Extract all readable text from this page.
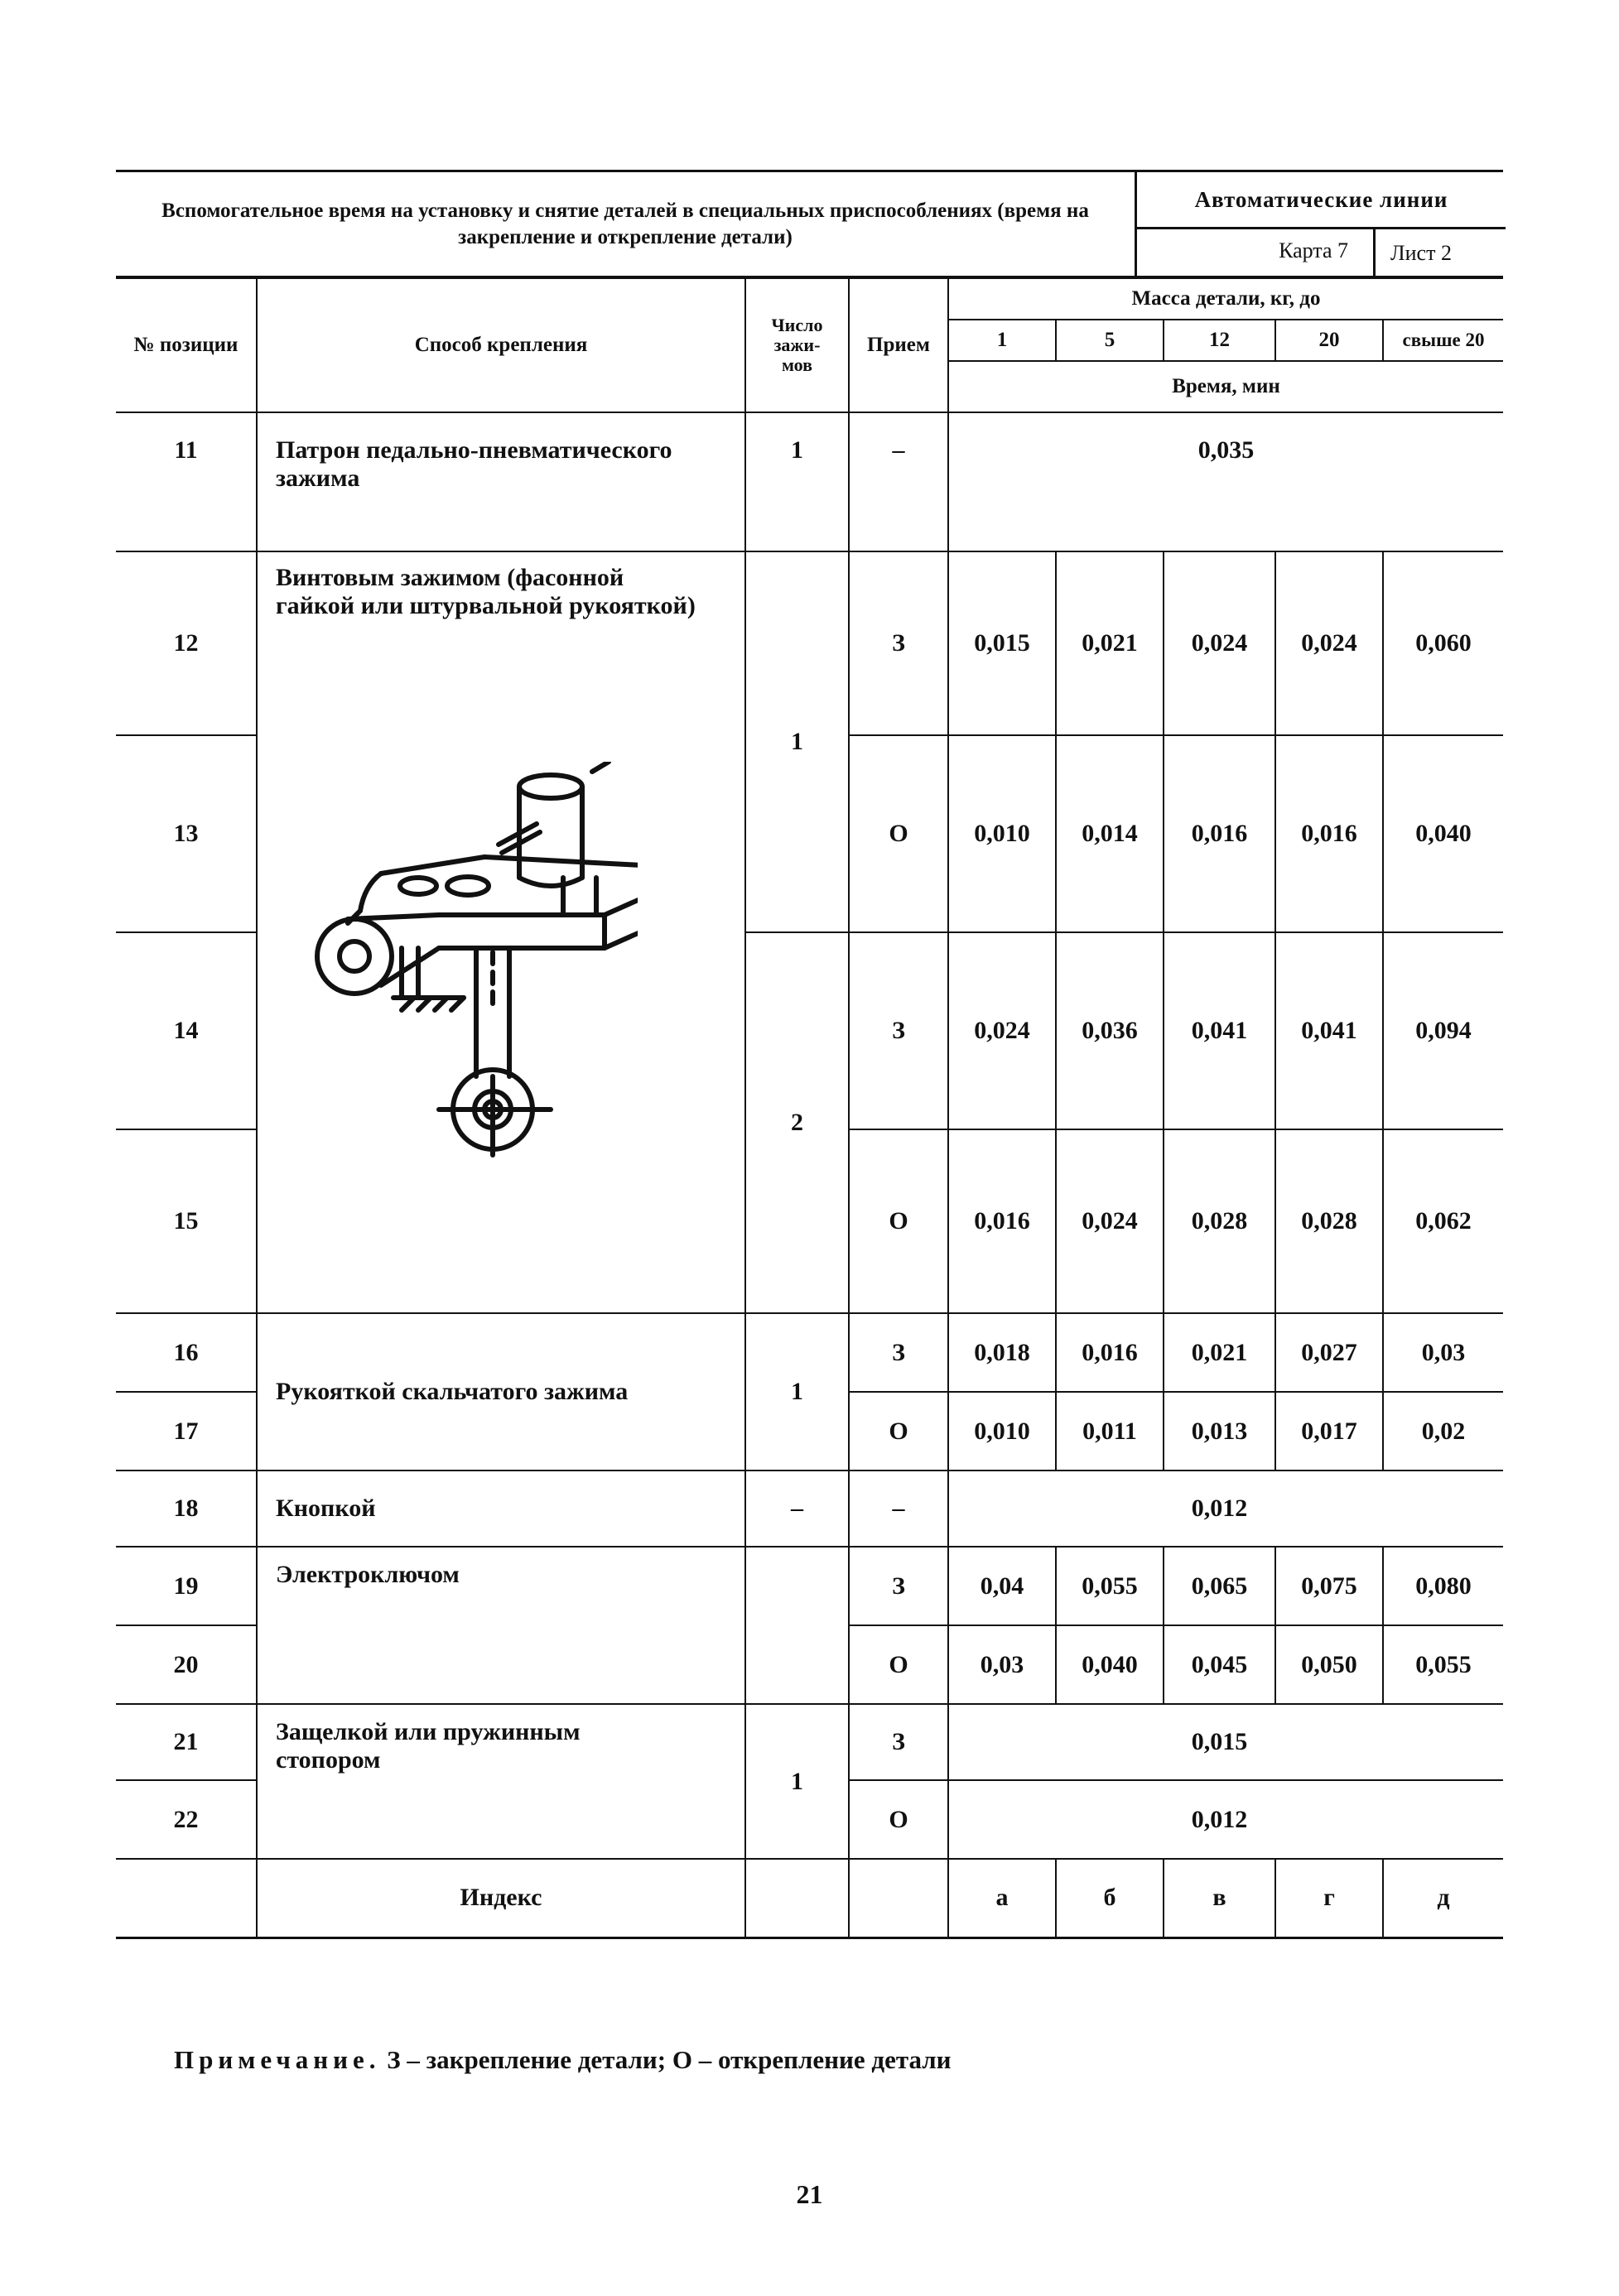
Вспомогательное время на установку и снятие деталей в специальных приспособлениях (время на закрепление и открепление детали)
Автоматические линии
Карта 7	Лист 2
№ позиции	Способ крепления	Число зажи-мов	Прием	Масса детали, кг, до				
				1	5	12	20	свыше 20
				Время, мин				
11	Патрон педально-пневматического зажима	1	–	0,035				
12	Винтовым зажимом (фасонной гайкой или штурвальной рукояткой)	1	З	0,015	0,021	0,024	0,024	0,060
13			О	0,010	0,014	0,016	0,016	0,040
14		2	З	0,024	0,036	0,041	0,041	0,094
15			О	0,016	0,024	0,028	0,028	0,062
16	Рукояткой скальчатого зажима	1	З	0,018	0,016	0,021	0,027	0,03
17			О	0,010	0,011	0,013	0,017	0,02
18	Кнопкой	–	–			0,012		
19	Электроключом		З	0,04	0,055	0,065	0,075	0,080
20			О	0,03	0,040	0,045	0,050	0,055
21	Защелкой или пружинным стопором	1	З			0,015		
22			О			0,012		
	Индекс			а	б	в	г	д
Примечание. З – закрепление детали; О – открепление детали
21
